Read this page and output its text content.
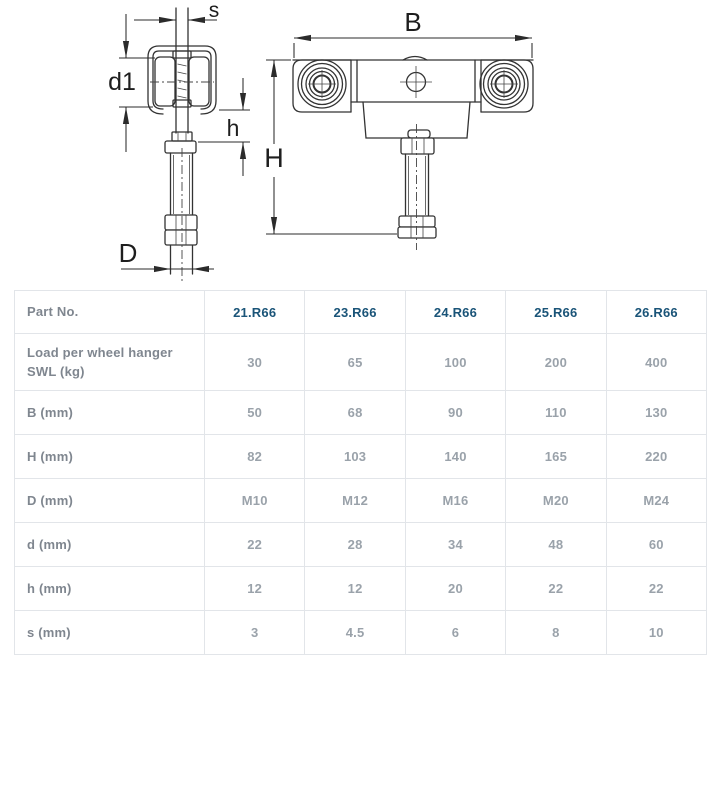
s
d1
h
D
B
H
Part No.	21.R66	23.R66	24.R66	25.R66	26.R66
Load per wheel hanger SWL (kg)	30	65	100	200	400
B (mm)	50	68	90	110	130
H (mm)	82	103	140	165	220
D (mm)	M10	M12	M16	M20	M24
d (mm)	22	28	34	48	60
h (mm)	12	12	20	22	22
s (mm)	3	4.5	6	8	10
